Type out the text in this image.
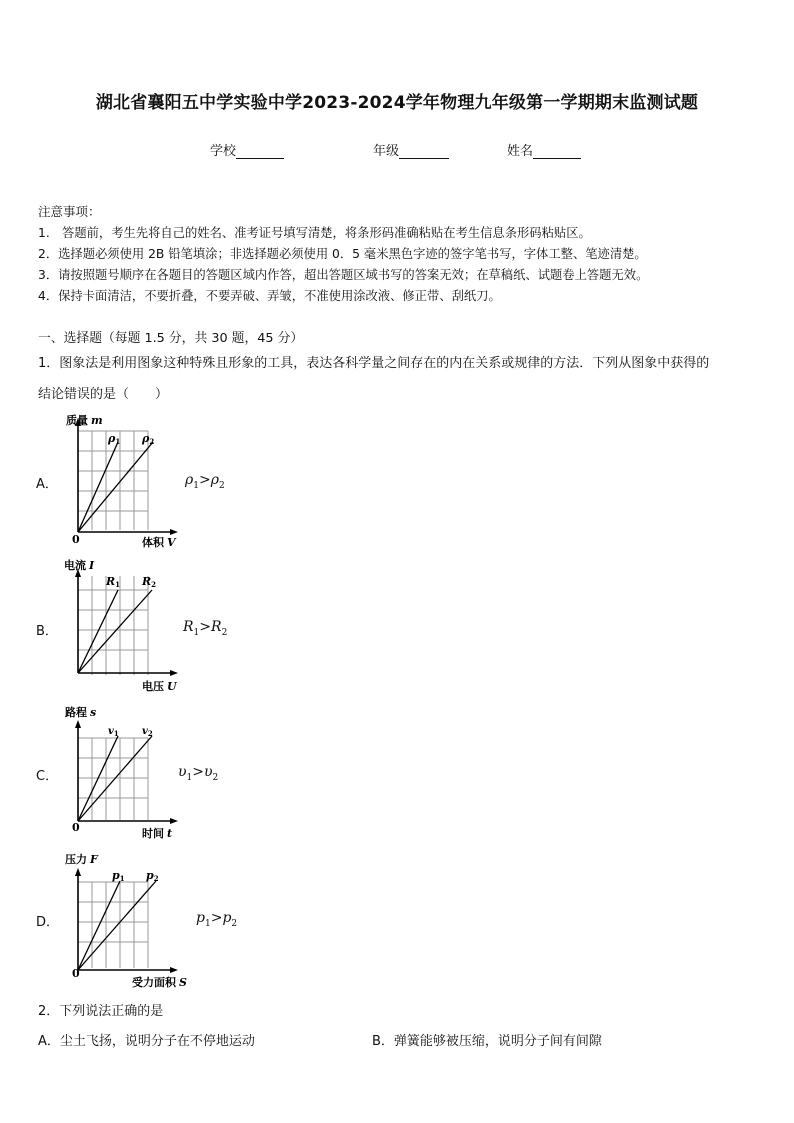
湖北省襄阳五中学实验中学2023-2024学年物理九年级第一学期期末监测试题
学校	年级	姓名
注意事项：
1.　答题前，考生先将自己的姓名、准考证号填写清楚，将条形码准确粘贴在考生信息条形码粘贴区。
2．选择题必须使用 2B 铅笔填涂；非选择题必须使用 0．5 毫米黑色字迹的签字笔书写，字体工整、笔迹清楚。
3．请按照题号顺序在各题目的答题区域内作答，超出答题区域书写的答案无效；在草稿纸、试题卷上答题无效。
4．保持卡面清洁，不要折叠，不要弄破、弄皱，不准使用涂改液、修正带、刮纸刀。
一、选择题（每题 1.5 分，共 30 题，45 分）
1．图象法是利用图象这种特殊且形象的工具，表达各科学量之间存在的内在关系或规律的方法．下列从图象中获得的
结论错误的是（　　）
A．
质量 m
ρ1 ρ2
0	体积 V
$\rho_1>\rho_2$
B．
电流 I
R1 R2
电压 U
$R_1>R_2$
C．
路程 s
$v_1$ $v_2$
0	时间 t
$\upsilon_1>\upsilon_2$
D．
压力 F
p1 p2
0
受力面积 S
$p_1>p_2$
2．下列说法正确的是
A．尘土飞扬，说明分子在不停地运动	B．弹簧能够被压缩，说明分子间有间隙
